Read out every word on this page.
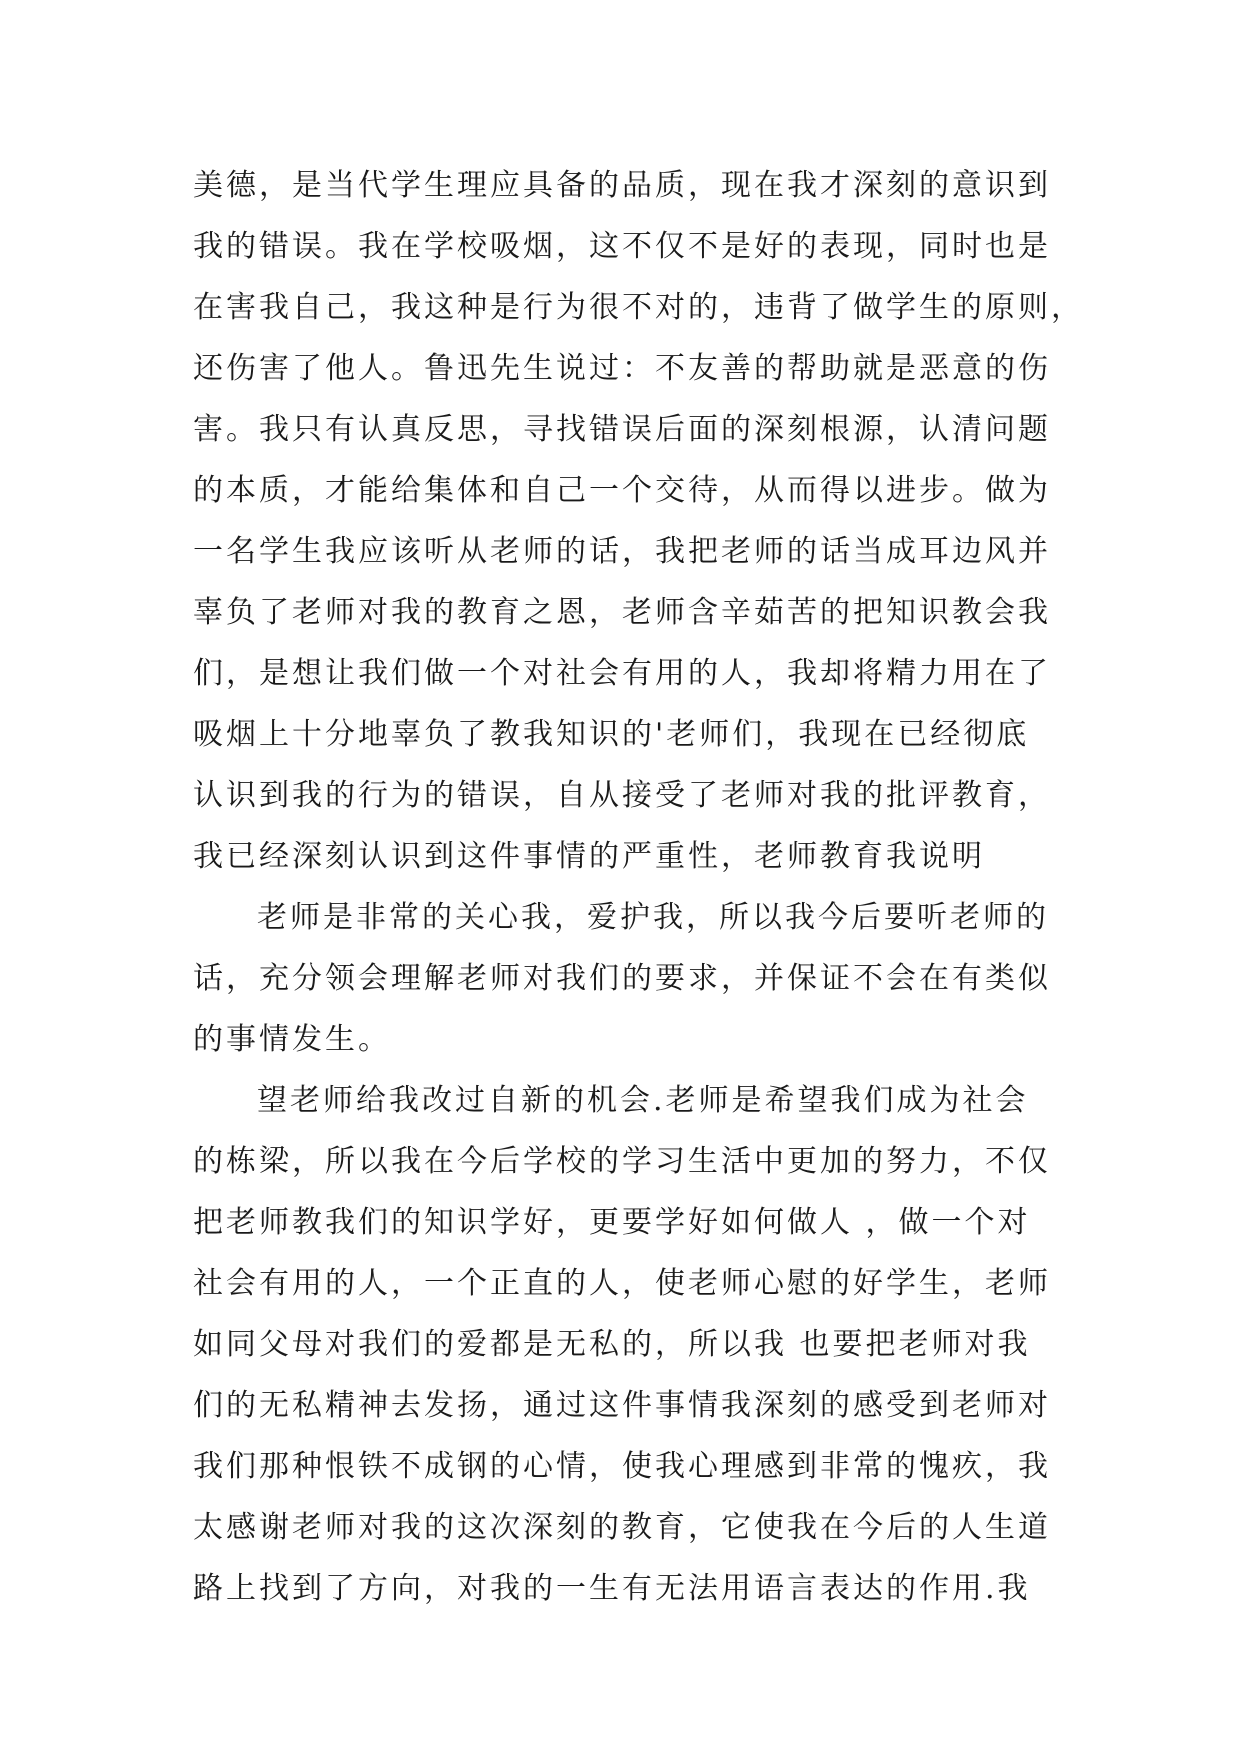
美德，是当代学生理应具备的品质，现在我才深刻的意识到
我的错误。我在学校吸烟，这不仅不是好的表现，同时也是
在害我自己，我这种是行为很不对的，违背了做学生的原则，
还伤害了他人。鲁迅先生说过：不友善的帮助就是恶意的伤
害。我只有认真反思，寻找错误后面的深刻根源，认清问题
的本质，才能给集体和自己一个交待，从而得以进步。做为
一名学生我应该听从老师的话，我把老师的话当成耳边风并
辜负了老师对我的教育之恩，老师含辛茹苦的把知识教会我
们，是想让我们做一个对社会有用的人，我却将精力用在了
吸烟上十分地辜负了教我知识的'老师们，我现在已经彻底
认识到我的行为的错误，自从接受了老师对我的批评教育，
我已经深刻认识到这件事情的严重性，老师教育我说明
老师是非常的关心我，爱护我，所以我今后要听老师的
话，充分领会理解老师对我们的要求，并保证不会在有类似
的事情发生。
望老师给我改过自新的机会.老师是希望我们成为社会
的栋梁，所以我在今后学校的学习生活中更加的努力，不仅
把老师教我们的知识学好，更要学好如何做人 ，做一个对
社会有用的人，一个正直的人，使老师心慰的好学生，老师
如同父母对我们的爱都是无私的，所以我 也要把老师对我
们的无私精神去发扬，通过这件事情我深刻的感受到老师对
我们那种恨铁不成钢的心情，使我心理感到非常的愧疚，我
太感谢老师对我的这次深刻的教育，它使我在今后的人生道
路上找到了方向，对我的一生有无法用语言表达的作用.我
